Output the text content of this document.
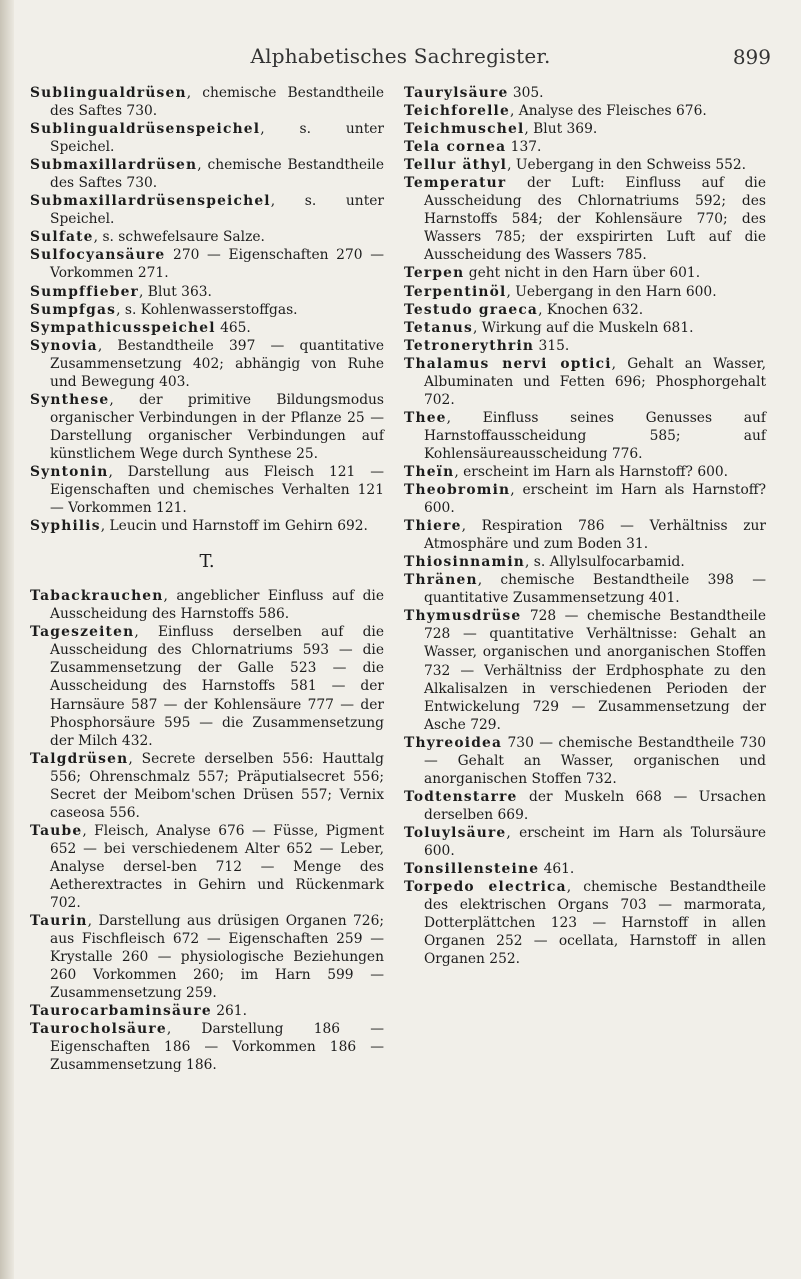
Alphabetisches Sachregister.	899

Sublingualdrüsen, chemische Bestandtheile des Saftes 730.

Sublingualdrüsenspeichel, s. unter Speichel.

Submaxillardrüsen, chemische Bestandtheile des Saftes 730.

Submaxillardrüsenspeichel, s. unter Speichel.

Sulfate, s. schwefelsaure Salze.

Sulfocyansäure 270 — Eigenschaften 270 — Vorkommen 271.

Sumpffieber, Blut 363.

Sumpfgas, s. Kohlenwasserstoffgas.

Sympathicusspeichel 465.

Synovia, Bestandtheile 397 — quantitative Zusammensetzung 402; abhängig von Ruhe und Bewegung 403.

Synthese, der primitive Bildungsmodus organischer Verbindungen in der Pflanze 25 — Darstellung organischer Verbindungen auf künstlichem Wege durch Synthese 25.

Syntonin, Darstellung aus Fleisch 121 — Eigenschaften und chemisches Verhalten 121 — Vorkommen 121.

Syphilis, Leucin und Harnstoff im Gehirn 692.

T.

Tabackrauchen, angeblicher Einfluss auf die Ausscheidung des Harnstoffs 586.

Tageszeiten, Einfluss derselben auf die Ausscheidung des Chlornatriums 593 — die Zusammensetzung der Galle 523 — die Ausscheidung des Harnstoffs 581 — der Harnsäure 587 — der Kohlensäure 777 — der Phosphorsäure 595 — die Zusammensetzung der Milch 432.

Talgdrüsen, Secrete derselben 556: Hauttalg 556; Ohrenschmalz 557; Präputialsecret 556; Secret der Meibom'schen Drüsen 557; Vernix caseosa 556.

Taube, Fleisch, Analyse 676 — Füsse, Pigment 652 — bei verschiedenem Alter 652 — Leber, Analyse dersel-ben 712 — Menge des Aetherextractes in Gehirn und Rückenmark 702.

Taurin, Darstellung aus drüsigen Organen 726; aus Fischfleisch 672 — Eigenschaften 259 — Krystalle 260 — physiologische Beziehungen 260 Vorkommen 260; im Harn 599 — Zusammensetzung 259.

Taurocarbaminsäure 261.

Taurocholsäure, Darstellung 186 — Eigenschaften 186 — Vorkommen 186 — Zusammensetzung 186.

Taurylsäure 305.

Teichforelle, Analyse des Fleisches 676.

Teichmuschel, Blut 369.

Tela cornea 137.

Tellur äthyl, Uebergang in den Schweiss 552.

Temperatur der Luft: Einfluss auf die Ausscheidung des Chlornatriums 592; des Harnstoffs 584; der Kohlensäure 770; des Wassers 785; der exspirirten Luft auf die Ausscheidung des Wassers 785.

Terpen geht nicht in den Harn über 601.

Terpentinöl, Uebergang in den Harn 600.

Testudo graeca, Knochen 632.

Tetanus, Wirkung auf die Muskeln 681.

Tetronerythrin 315.

Thalamus nervi optici, Gehalt an Wasser, Albuminaten und Fetten 696; Phosphorgehalt 702.

Thee, Einfluss seines Genusses auf Harnstoffausscheidung 585; auf Kohlensäureausscheidung 776.

Theïn, erscheint im Harn als Harnstoff? 600.

Theobromin, erscheint im Harn als Harnstoff? 600.

Thiere, Respiration 786 — Verhältniss zur Atmosphäre und zum Boden 31.

Thiosinnamin, s. Allylsulfocarbamid.

Thränen, chemische Bestandtheile 398 — quantitative Zusammensetzung 401.

Thymusdrüse 728 — chemische Bestandtheile 728 — quantitative Verhältnisse: Gehalt an Wasser, organischen und anorganischen Stoffen 732 — Verhältniss der Erdphosphate zu den Alkalisalzen in verschiedenen Perioden der Entwickelung 729 — Zusammensetzung der Asche 729.

Thyreoidea 730 — chemische Bestandtheile 730 — Gehalt an Wasser, organischen und anorganischen Stoffen 732.

Todtenstarre der Muskeln 668 — Ursachen derselben 669.

Toluylsäure, erscheint im Harn als Tolursäure 600.

Tonsillensteine 461.

Torpedo electrica, chemische Bestandtheile des elektrischen Organs 703 — marmorata, Dotterplättchen 123 — Harnstoff in allen Organen 252 — ocellata, Harnstoff in allen Organen 252.
